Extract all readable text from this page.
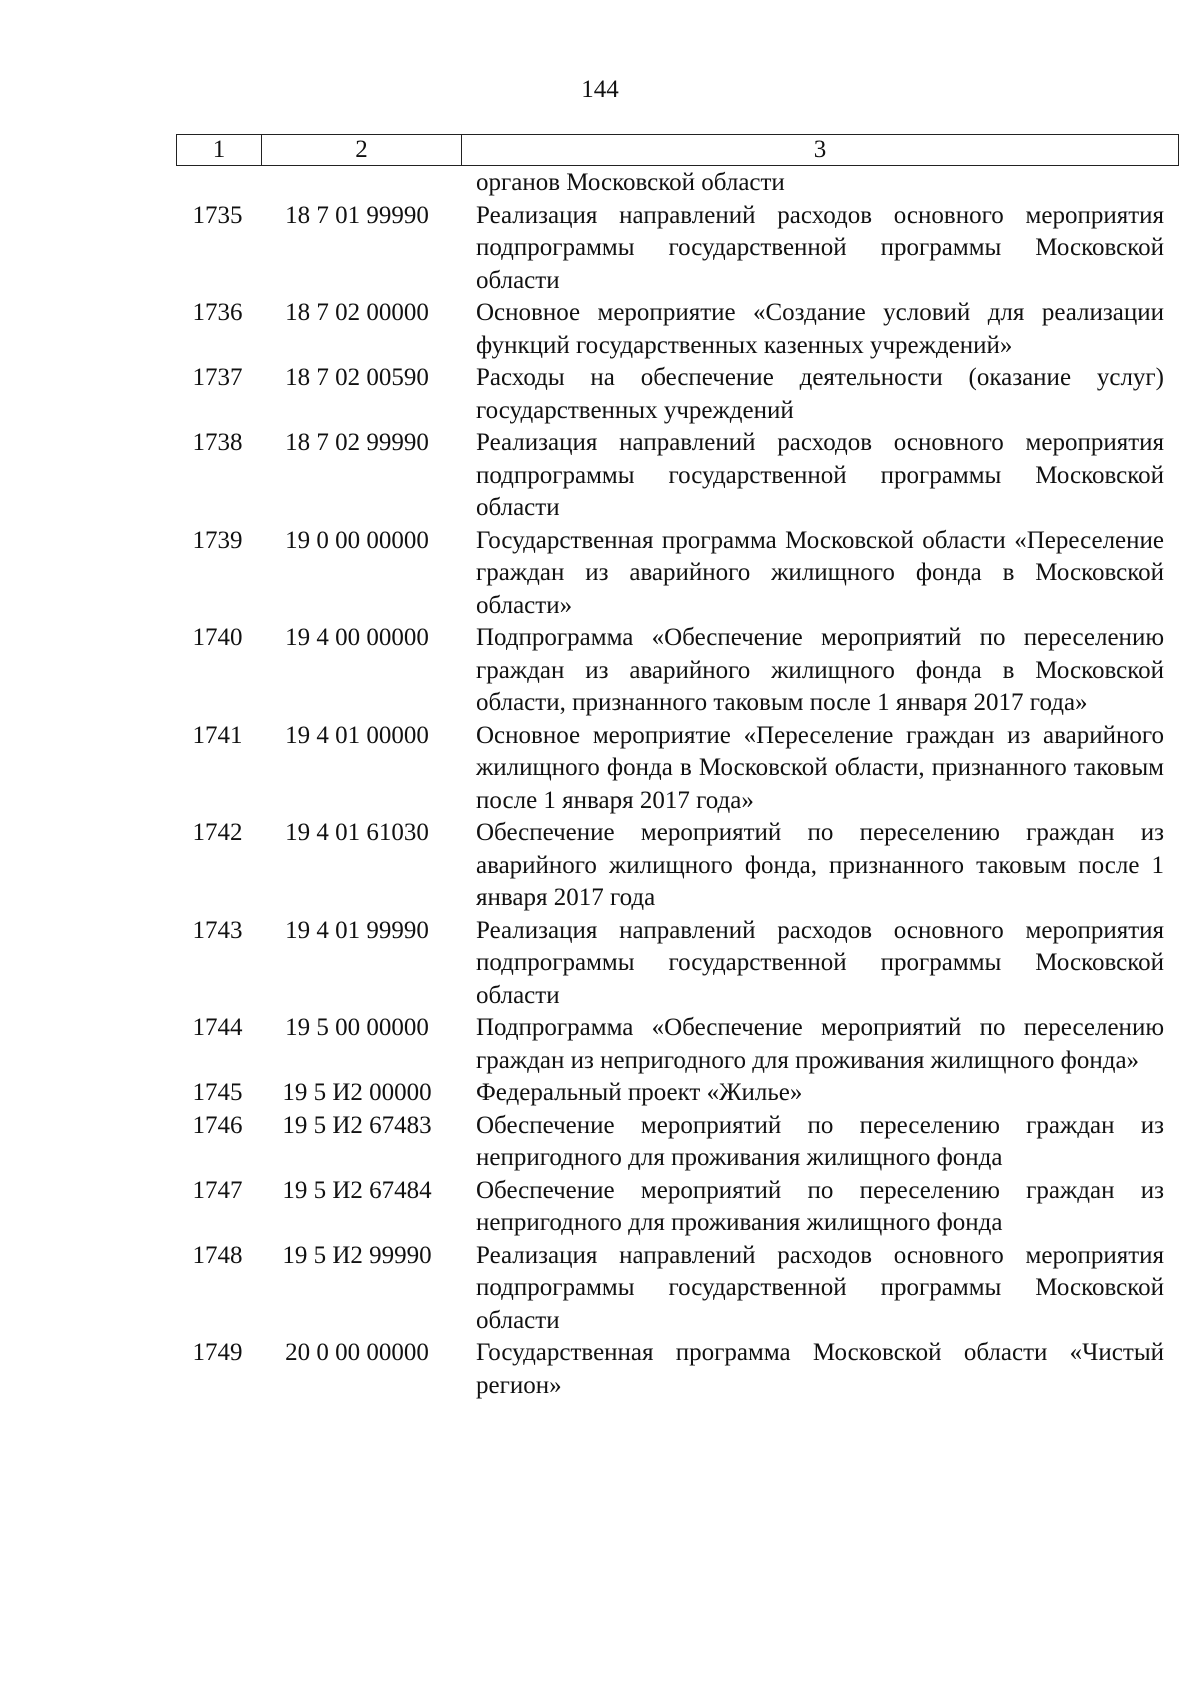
144
1	2	3
органов Московской области
1735	18 7 01 99990	Реализация направлений расходов основного мероприятия подпрограммы государственной программы Московской области
1736	18 7 02 00000	Основное мероприятие «Создание условий для реализации функций государственных казенных учреждений»
1737	18 7 02 00590	Расходы на обеспечение деятельности (оказание услуг) государственных учреждений
1738	18 7 02 99990	Реализация направлений расходов основного мероприятия подпрограммы государственной программы Московской области
1739	19 0 00 00000	Государственная программа Московской области «Переселение граждан из аварийного жилищного фонда в Московской области»
1740	19 4 00 00000	Подпрограмма «Обеспечение мероприятий по переселению граждан из аварийного жилищного фонда в Московской области, признанного таковым после 1 января 2017 года»
1741	19 4 01 00000	Основное мероприятие «Переселение граждан из аварийного жилищного фонда в Московской области, признанного таковым после 1 января 2017 года»
1742	19 4 01 61030	Обеспечение мероприятий по переселению граждан из аварийного жилищного фонда, признанного таковым после 1 января 2017 года
1743	19 4 01 99990	Реализация направлений расходов основного мероприятия подпрограммы государственной программы Московской области
1744	19 5 00 00000	Подпрограмма «Обеспечение мероприятий по переселению граждан из непригодного для проживания жилищного фонда»
1745	19 5 И2 00000	Федеральный проект «Жилье»
1746	19 5 И2 67483	Обеспечение мероприятий по переселению граждан из непригодного для проживания жилищного фонда
1747	19 5 И2 67484	Обеспечение мероприятий по переселению граждан из непригодного для проживания жилищного фонда
1748	19 5 И2 99990	Реализация направлений расходов основного мероприятия подпрограммы государственной программы Московской области
1749	20 0 00 00000	Государственная программа Московской области «Чистый регион»
